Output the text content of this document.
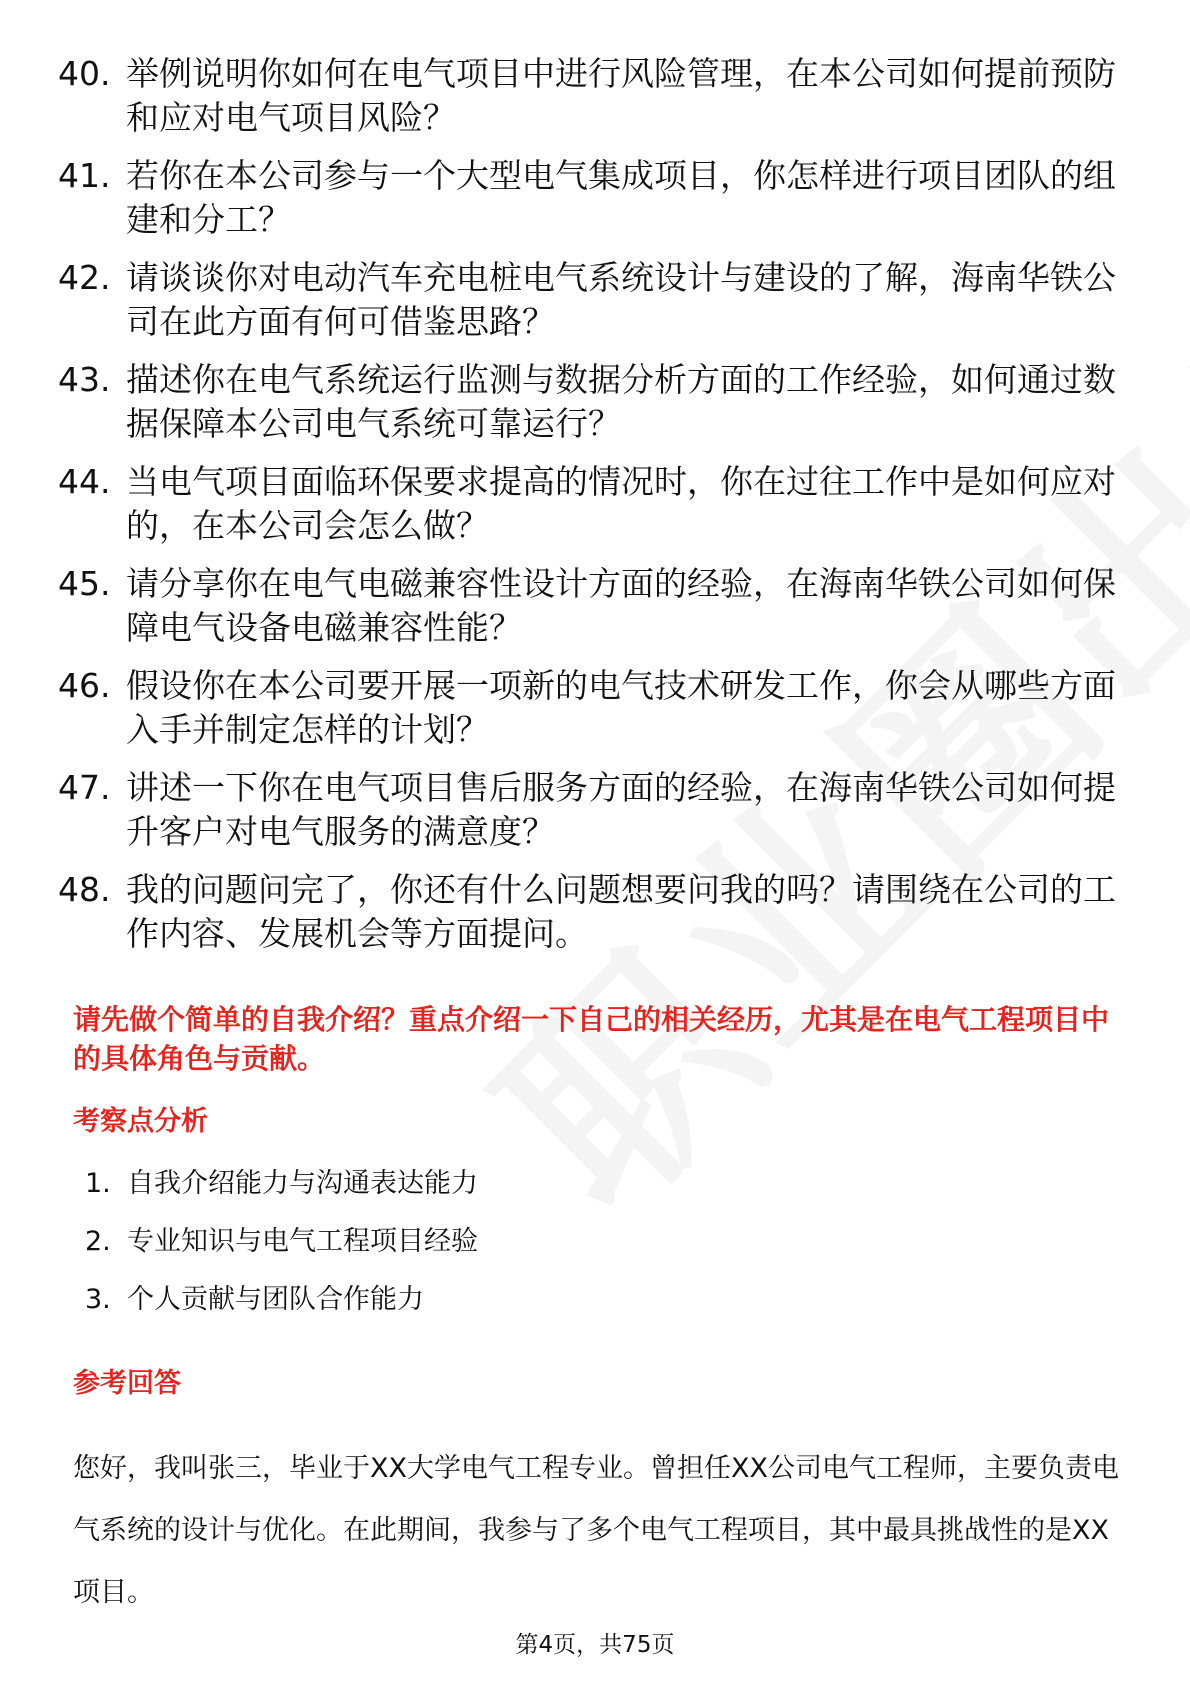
40. 举例说明你如何在电气项目中进行风险管理，在本公司如何提前预防和应对电气项目风险？
41. 若你在本公司参与一个大型电气集成项目，你怎样进行项目团队的组建和分工？
42. 请谈谈你对电动汽车充电桩电气系统设计与建设的了解，海南华铁公司在此方面有何可借鉴思路？
43. 描述你在电气系统运行监测与数据分析方面的工作经验，如何通过数据保障本公司电气系统可靠运行？
44. 当电气项目面临环保要求提高的情况时，你在过往工作中是如何应对的，在本公司会怎么做？
45. 请分享你在电气电磁兼容性设计方面的经验，在海南华铁公司如何保障电气设备电磁兼容性能？
46. 假设你在本公司要开展一项新的电气技术研发工作，你会从哪些方面入手并制定怎样的计划？
47. 讲述一下你在电气项目售后服务方面的经验，在海南华铁公司如何提升客户对电气服务的满意度？
48. 我的问题问完了，你还有什么问题想要问我的吗？请围绕在公司的工作内容、发展机会等方面提问。
请先做个简单的自我介绍？重点介绍一下自己的相关经历，尤其是在电气工程项目中的具体角色与贡献。
考察点分析
1. 自我介绍能力与沟通表达能力
2. 专业知识与电气工程项目经验
3. 个人贡献与团队合作能力
参考回答
您好，我叫张三，毕业于XX大学电气工程专业。曾担任XX公司电气工程师，主要负责电气系统的设计与优化。在此期间，我参与了多个电气工程项目，其中最具挑战性的是XX项目。
第4页，共75页
